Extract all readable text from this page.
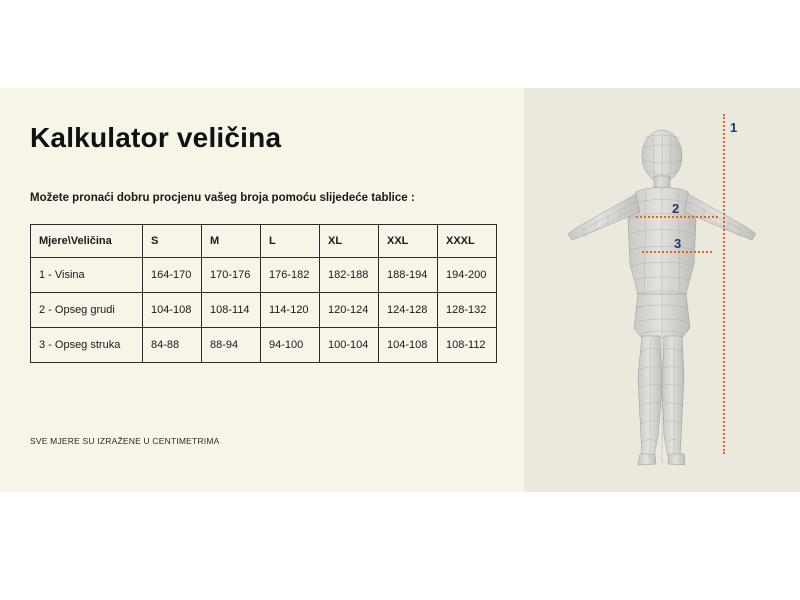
Kalkulator veličina
Možete pronaći dobru procjenu vašeg broja pomoću slijedeće tablice :
Mjere\Veličina	S	M	L	XL	XXL	XXXL
1 - Visina	164-170	170-176	176-182	182-188	188-194	194-200
2 - Opseg grudi	104-108	108-114	114-120	120-124	124-128	128-132
3 - Opseg struka	84-88	88-94	94-100	100-104	104-108	108-112
SVE MJERE SU IZRAŽENE U CENTIMETRIMA
1
2
3
